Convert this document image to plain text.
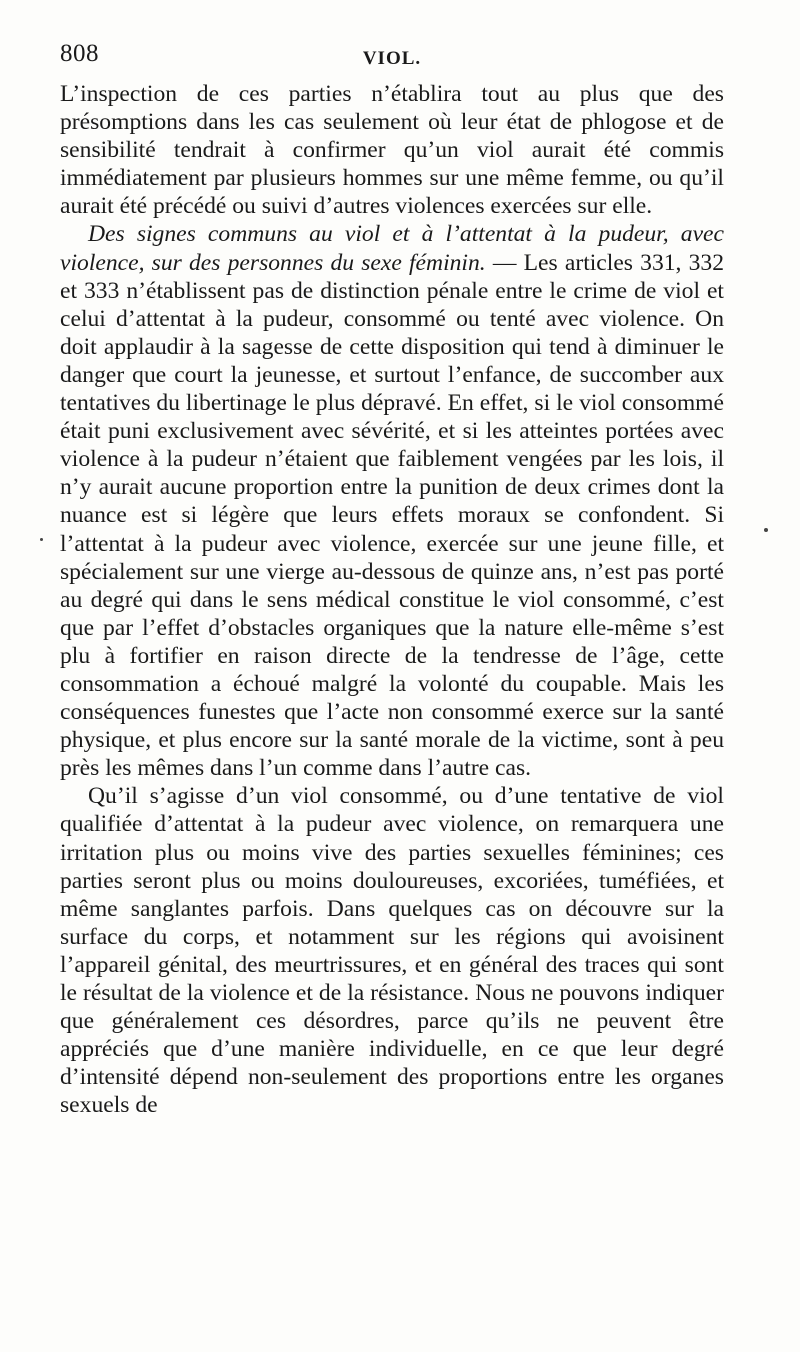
808	VIOL.

L’inspection de ces parties n’établira tout au plus que des présomptions dans les cas seulement où leur état de phlogose et de sensibilité tendrait à confirmer qu’un viol aurait été commis immédiatement par plusieurs hommes sur une même femme, ou qu’il aurait été précédé ou suivi d’autres violences exercées sur elle.

Des signes communs au viol et à l’attentat à la pudeur, avec violence, sur des personnes du sexe féminin. — Les articles 331, 332 et 333 n’établissent pas de distinction pénale entre le crime de viol et celui d’attentat à la pudeur, consommé ou tenté avec violence. On doit applaudir à la sagesse de cette disposition qui tend à diminuer le danger que court la jeunesse, et surtout l’enfance, de succomber aux tentatives du libertinage le plus dépravé. En effet, si le viol consommé était puni exclusivement avec sévérité, et si les atteintes portées avec violence à la pudeur n’étaient que faiblement vengées par les lois, il n’y aurait aucune proportion entre la punition de deux crimes dont la nuance est si légère que leurs effets moraux se confondent. Si l’attentat à la pudeur avec violence, exercée sur une jeune fille, et spécialement sur une vierge au-dessous de quinze ans, n’est pas porté au degré qui dans le sens médical constitue le viol consommé, c’est que par l’effet d’obstacles organiques que la nature elle-même s’est plu à fortifier en raison directe de la tendresse de l’âge, cette consommation a échoué malgré la volonté du coupable. Mais les conséquences funestes que l’acte non consommé exerce sur la santé physique, et plus encore sur la santé morale de la victime, sont à peu près les mêmes dans l’un comme dans l’autre cas.

Qu’il s’agisse d’un viol consommé, ou d’une tentative de viol qualifiée d’attentat à la pudeur avec violence, on remarquera une irritation plus ou moins vive des parties sexuelles féminines; ces parties seront plus ou moins douloureuses, excoriées, tuméfiées, et même sanglantes parfois. Dans quelques cas on découvre sur la surface du corps, et notamment sur les régions qui avoisinent l’appareil génital, des meurtrissures, et en général des traces qui sont le résultat de la violence et de la résistance. Nous ne pouvons indiquer que généralement ces désordres, parce qu’ils ne peuvent être appréciés que d’une manière individuelle, en ce que leur degré d’intensité dépend non-seulement des proportions entre les organes sexuels de
